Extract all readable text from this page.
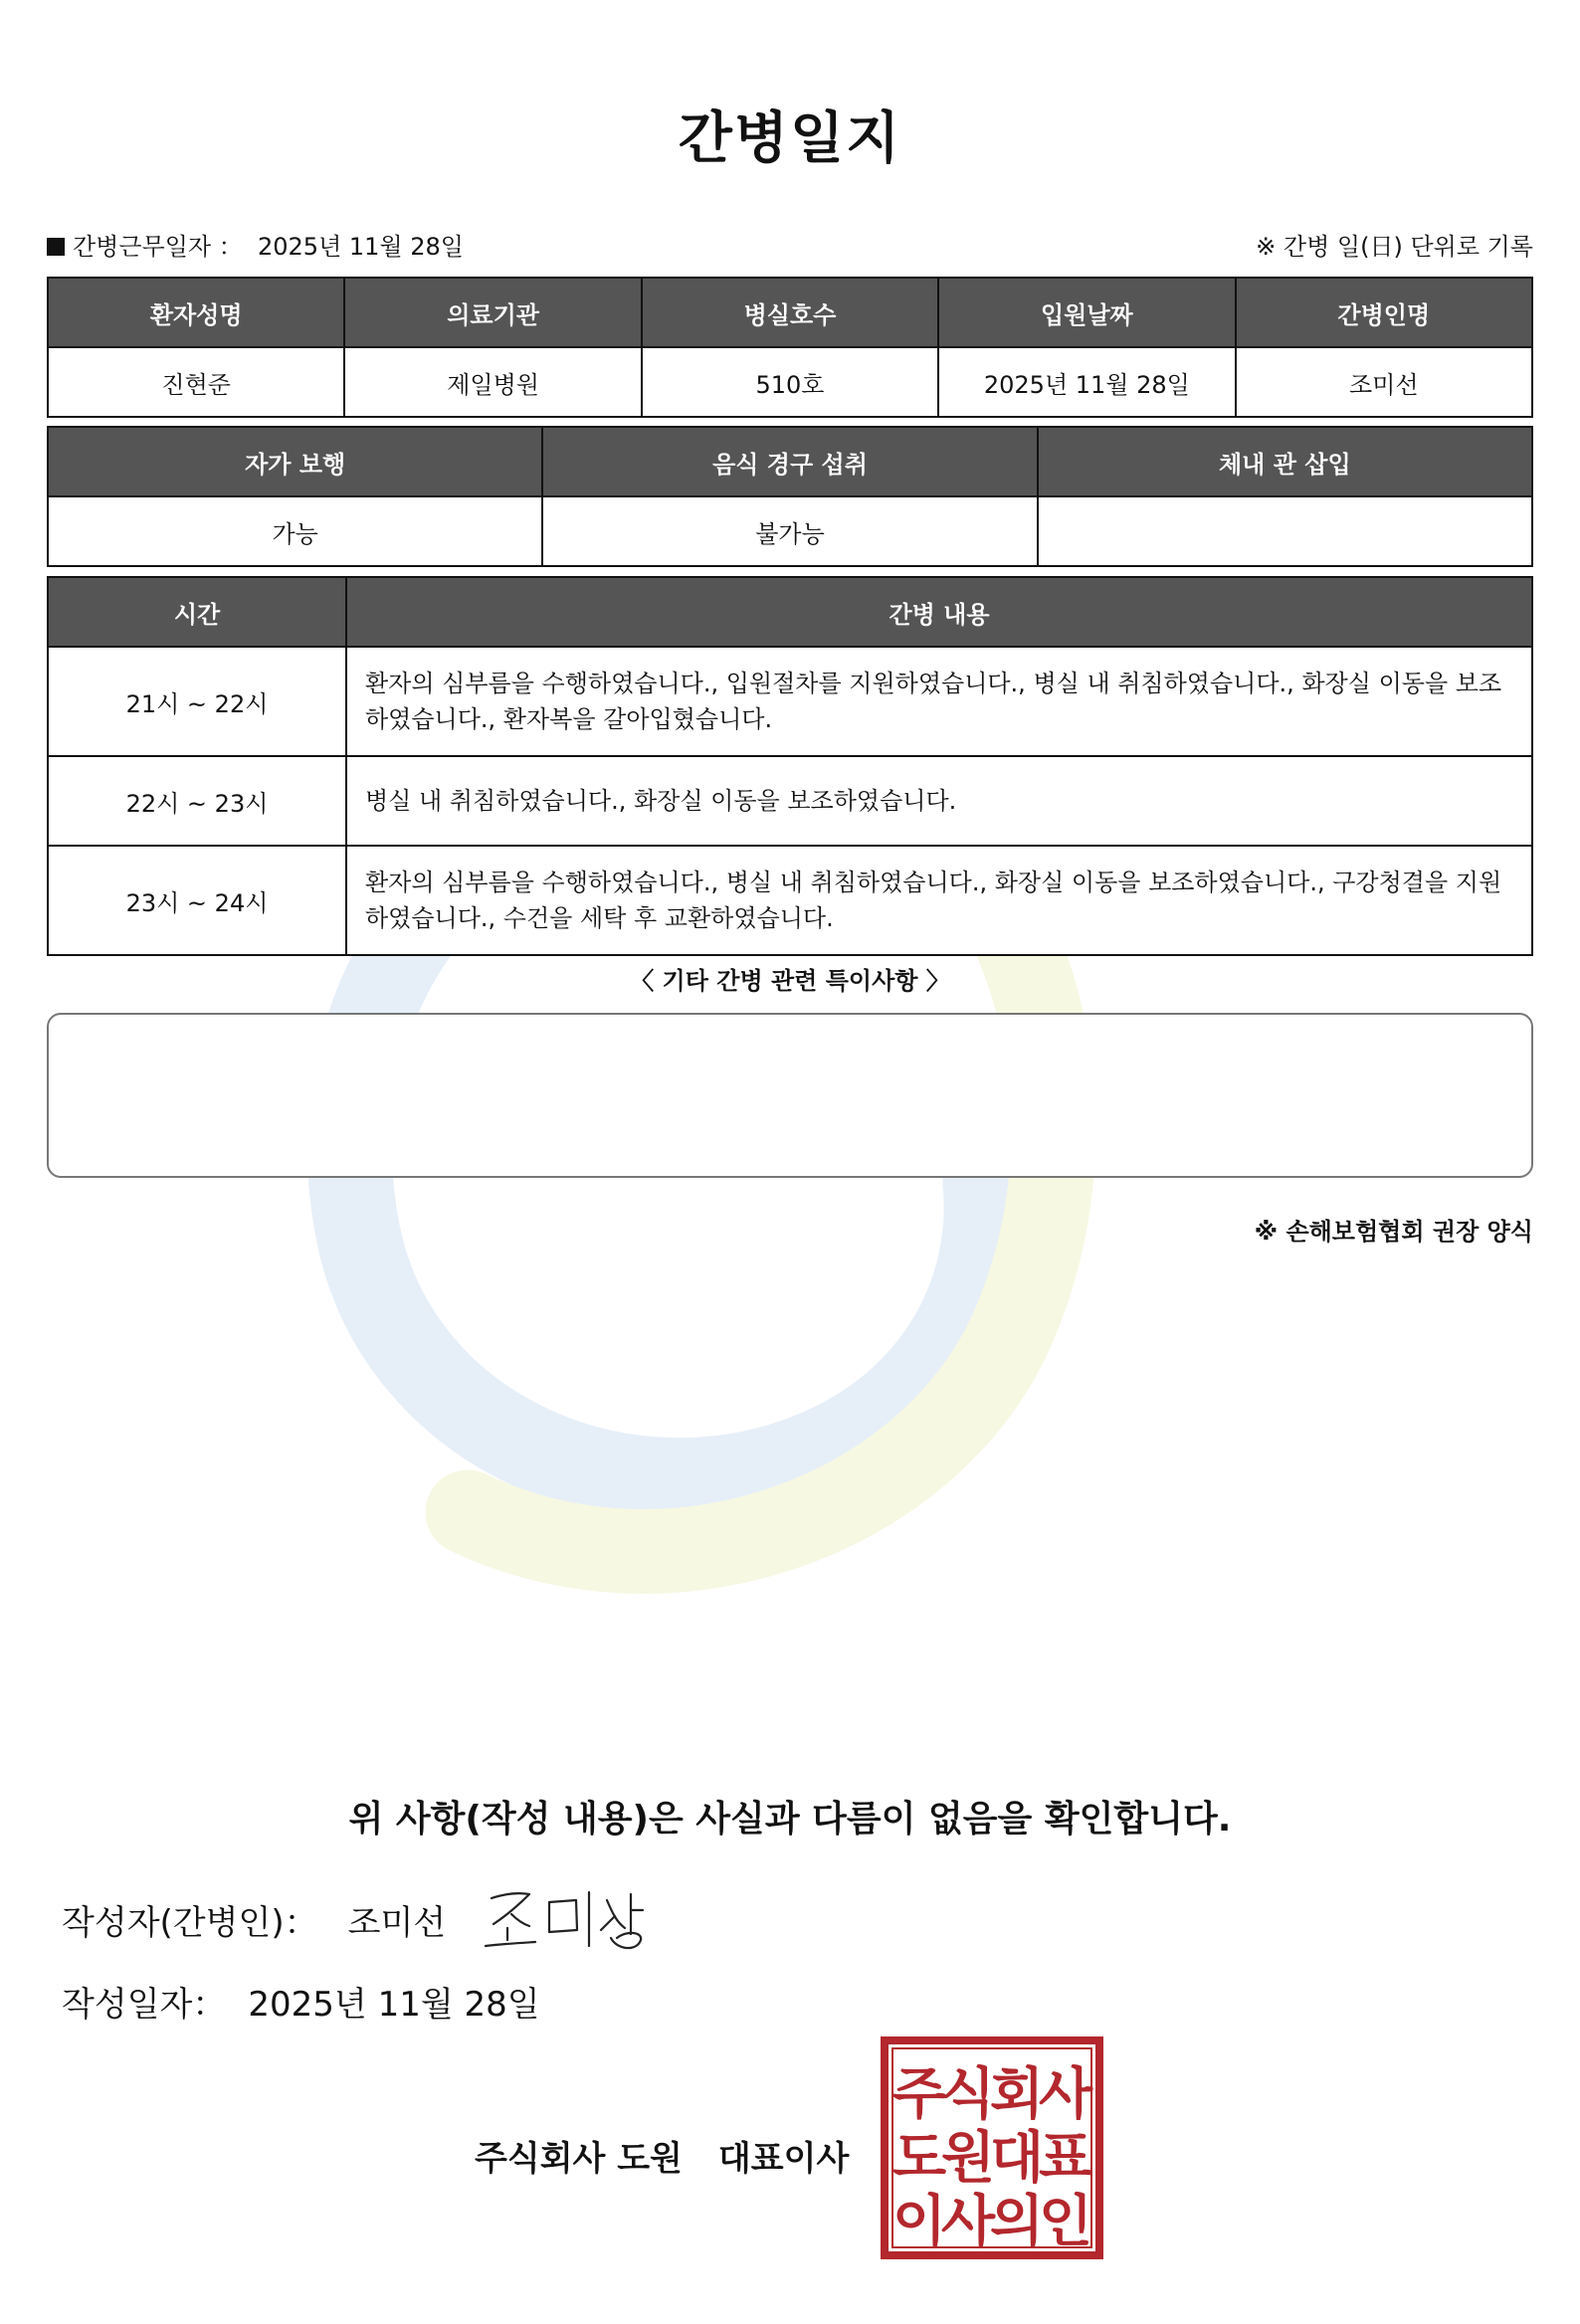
간병일지
간병근무일자 ： 2025년 11월 28일	※ 간병 일(日) 단위로 기록
환자성명	의료기관	병실호수	입원날짜	간병인명
진현준	제일병원	510호	2025년 11월 28일	조미선
자가 보행	음식 경구 섭취	체내 관 삽입
가능	불가능	
시간	간병 내용
21시 ~ 22시	환자의 심부름을 수행하였습니다., 입원절차를 지원하였습니다., 병실 내 취침하였습니다., 화장실 이동을 보조하였습니다., 환자복을 갈아입혔습니다.
22시 ~ 23시	병실 내 취침하였습니다., 화장실 이동을 보조하였습니다.
23시 ~ 24시	환자의 심부름을 수행하였습니다., 병실 내 취침하였습니다., 화장실 이동을 보조하였습니다., 구강청결을 지원하였습니다., 수건을 세탁 후 교환하였습니다.
〈 기타 간병 관련 특이사항 〉
※ 손해보험협회 권장 양식
위 사항(작성 내용)은 사실과 다름이 없음을 확인합니다.
작성자(간병인)： 조미선
작성일자： 2025년 11월 28일
주식회사 도원 대표이사
주
식
회
사
도
원
대
표
이
사
의
인
